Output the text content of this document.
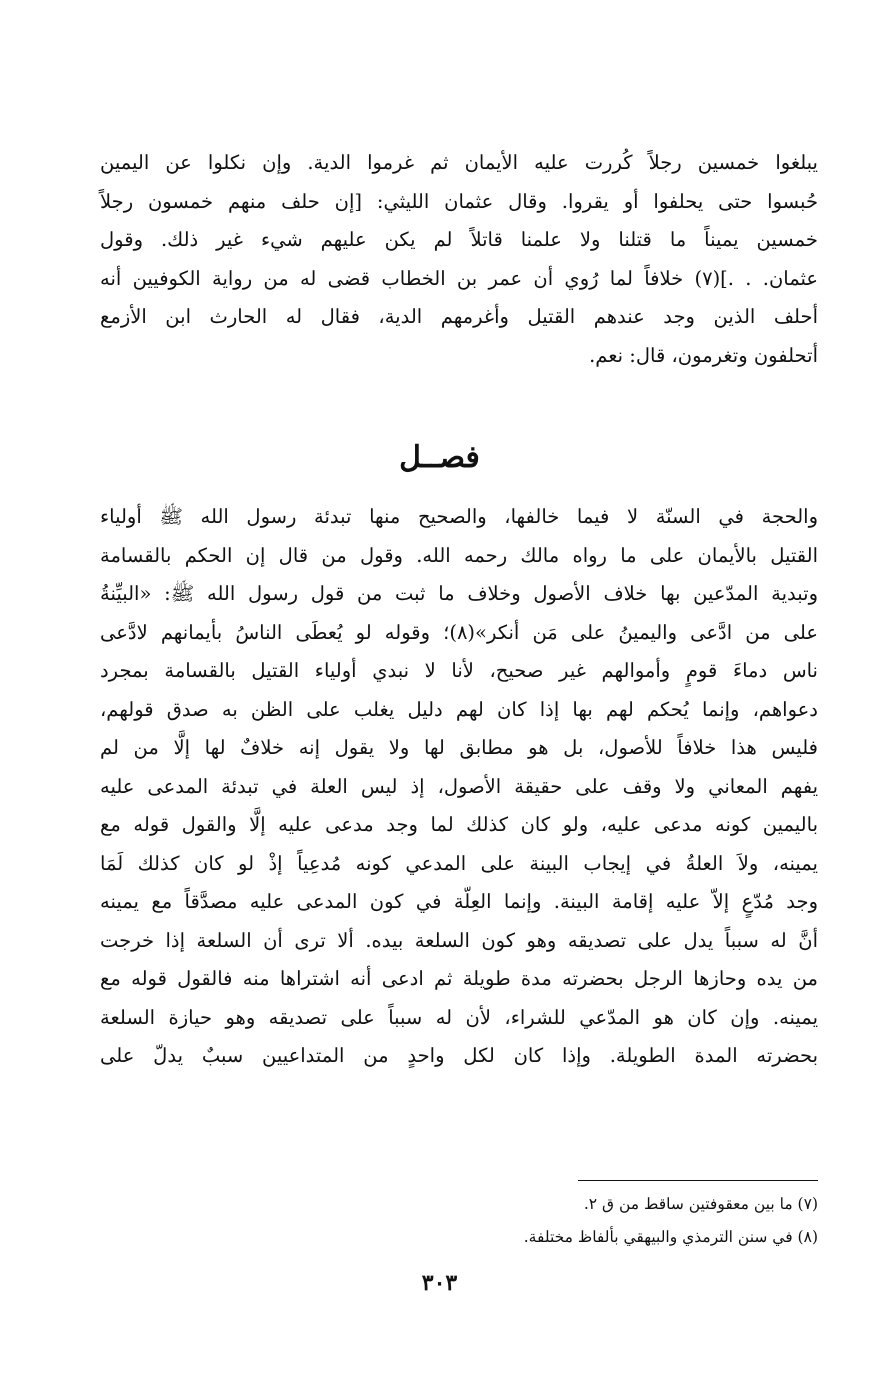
يبلغوا خمسين رجلاً كُررت عليه الأيمان ثم غرموا الدية. وإن نكلوا عن اليمين
حُبسوا حتى يحلفوا أو يقروا. وقال عثمان الليثي: [إن حلف منهم خمسون رجلاً
خمسين يميناً ما قتلنا ولا علمنا قاتلاً لم يكن عليهم شيء غير ذلك. وقول
عثمان. . .](٧) خلافاً لما رُوي أن عمر بن الخطاب قضى له من رواية الكوفيين أنه
أحلف الذين وجد عندهم القتيل وأغرمهم الدية، فقال له الحارث ابن الأزمع
أتحلفون وتغرمون، قال: نعم.
فصــل
والحجة في السنّة لا فيما خالفها، والصحيح منها تبدئة رسول الله ﷺ أولياء
القتيل بالأيمان على ما رواه مالك رحمه الله. وقول من قال إن الحكم بالقسامة
وتبدية المدّعين بها خلاف الأصول وخلاف ما ثبت من قول رسول الله ﷺ: «البيِّنةُ
على من ادَّعى واليمينُ على مَن أنكر»(٨)؛ وقوله لو يُعطَى الناسُ بأيمانهم لادَّعى
ناس دماءَ قومٍ وأموالهم غير صحيح، لأنا لا نبدي أولياء القتيل بالقسامة بمجرد
دعواهم، وإنما يُحكم لهم بها إذا كان لهم دليل يغلب على الظن به صدق قولهم،
فليس هذا خلافاً للأصول، بل هو مطابق لها ولا يقول إنه خلافٌ لها إلَّا من لم
يفهم المعاني ولا وقف على حقيقة الأصول، إذ ليس العلة في تبدئة المدعى عليه
باليمين كونه مدعى عليه، ولو كان كذلك لما وجد مدعى عليه إلَّا والقول قوله مع
يمينه، ولاَ العلةُ في إيجاب البينة على المدعي كونه مُدعِياً إذْ لو كان كذلك لَمَا
وجد مُدّعٍ إلاّ عليه إقامة البينة. وإنما العِلّة في كون المدعى عليه مصدَّقاً مع يمينه
أنَّ له سبباً يدل على تصديقه وهو كون السلعة بيده. ألا ترى أن السلعة إذا خرجت
من يده وحازها الرجل بحضرته مدة طويلة ثم ادعى أنه اشتراها منه فالقول قوله مع
يمينه. وإن كان هو المدّعي للشراء، لأن له سبباً على تصديقه وهو حيازة السلعة
بحضرته المدة الطويلة. وإذا كان لكل واحدٍ من المتداعيين سببٌ يدلّ على
(٧) ما بين معقوفتين ساقط من ق ٢.
(٨) في سنن الترمذي والبيهقي بألفاظ مختلفة.
٣٠٣
